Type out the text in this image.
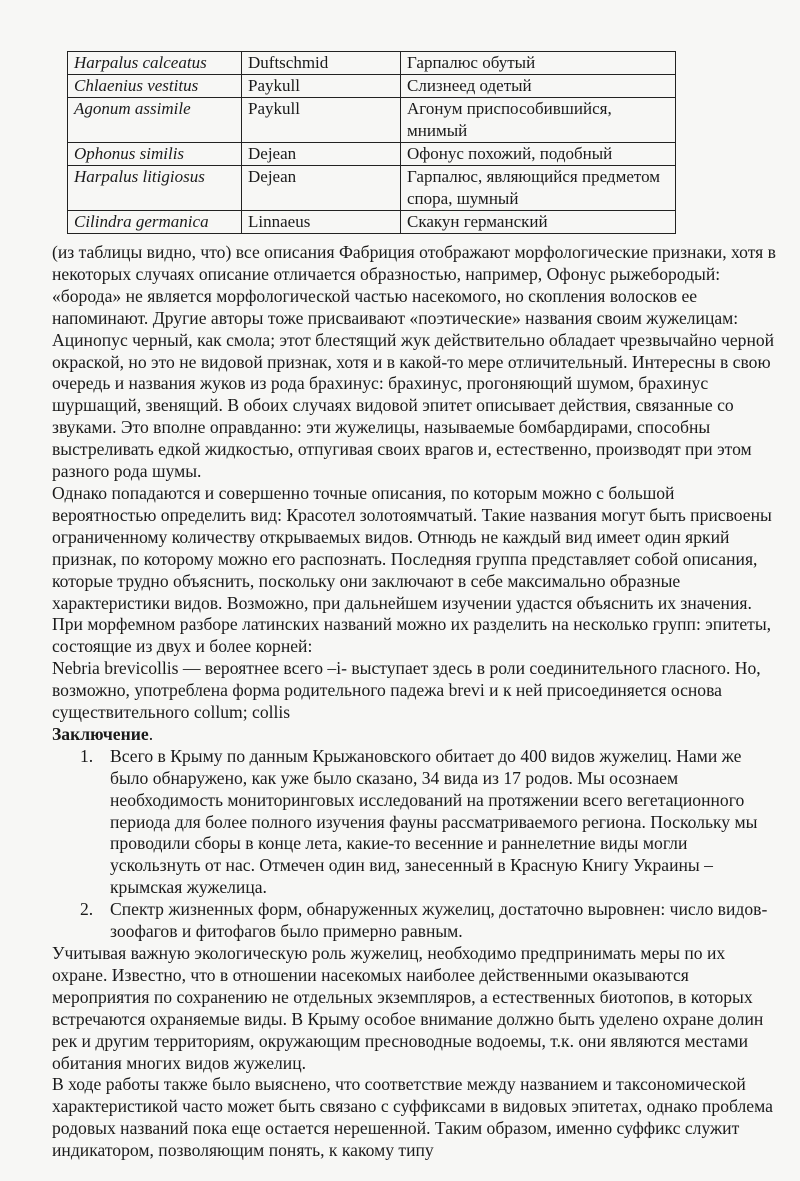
Harpalus calceatus	Duftschmid	Гарпалюс обутый
Chlaenius vestitus	Paykull	Слизнеед одетый
Agonum assimile	Paykull	Агонум приспособившийся, мнимый
Ophonus similis	Dejean	Офонус похожий, подобный
Harpalus litigiosus	Dejean	Гарпалюс, являющийся предметом спора, шумный
Cilindra germanica	Linnaeus	Скакун германский

(из таблицы видно, что) все описания Фабриция отображают морфологические признаки, хотя в некоторых случаях описание отличается образностью, например, Офонус рыжебородый: «борода» не является морфологической частью насекомого, но скопления волосков ее напоминают. Другие авторы тоже присваивают «поэтические» названия своим жужелицам: Ацинопус черный, как смола; этот блестящий жук действительно обладает чрезвычайно черной окраской, но это не видовой признак, хотя и в какой-то мере отличительный. Интересны в свою очередь и названия жуков из рода брахинус: брахинус, прогоняющий шумом, брахинус шуршащий, звенящий. В обоих случаях видовой эпитет описывает действия, связанные со звуками. Это вполне оправданно: эти жужелицы, называемые бомбардирами, способны выстреливать едкой жидкостью, отпугивая своих врагов и, естественно, производят при этом разного рода шумы.

Однако попадаются и совершенно точные описания, по которым можно с большой вероятностью определить вид: Красотел золотоямчатый. Такие названия могут быть присвоены ограниченному количеству открываемых видов. Отнюдь не каждый вид имеет один яркий признак, по которому можно его распознать. Последняя группа представляет собой описания, которые трудно объяснить, поскольку они заключают в себе максимально образные характеристики видов. Возможно, при дальнейшем изучении удастся объяснить их значения.

При морфемном разборе латинских названий можно их разделить на несколько групп: эпитеты, состоящие из двух и более корней:

Nebria brevicollis — вероятнее всего –i- выступает здесь в роли соединительного гласного. Но, возможно, употреблена форма родительного падежа brevi и к ней присоединяется основа существительного collum; collis

Заключение.

1. Всего в Крыму по данным Крыжановского обитает до 400 видов жужелиц. Нами же было обнаружено, как уже было сказано, 34 вида из 17 родов. Мы осознаем необходимость мониторинговых исследований на протяжении всего вегетационного периода для более полного изучения фауны рассматриваемого региона. Поскольку мы проводили сборы в конце лета, какие-то весенние и раннелетние виды могли ускользнуть от нас. Отмечен один вид, занесенный в Красную Книгу Украины – крымская жужелица.
2. Спектр жизненных форм, обнаруженных жужелиц, достаточно выровнен: число видов-зоофагов и фитофагов было примерно равным.

Учитывая важную экологическую роль жужелиц, необходимо предпринимать меры по их охране. Известно, что в отношении насекомых наиболее действенными оказываются мероприятия по сохранению не отдельных экземпляров, а естественных биотопов, в которых встречаются охраняемые виды. В Крыму особое внимание должно быть уделено охране долин рек и другим территориям, окружающим пресноводные водоемы, т.к. они являются местами обитания многих видов жужелиц.

В ходе работы также было выяснено, что соответствие между названием и таксономической характеристикой часто может быть связано с суффиксами в видовых эпитетах, однако проблема родовых названий пока еще остается нерешенной. Таким образом, именно суффикс служит индикатором, позволяющим понять, к какому типу
